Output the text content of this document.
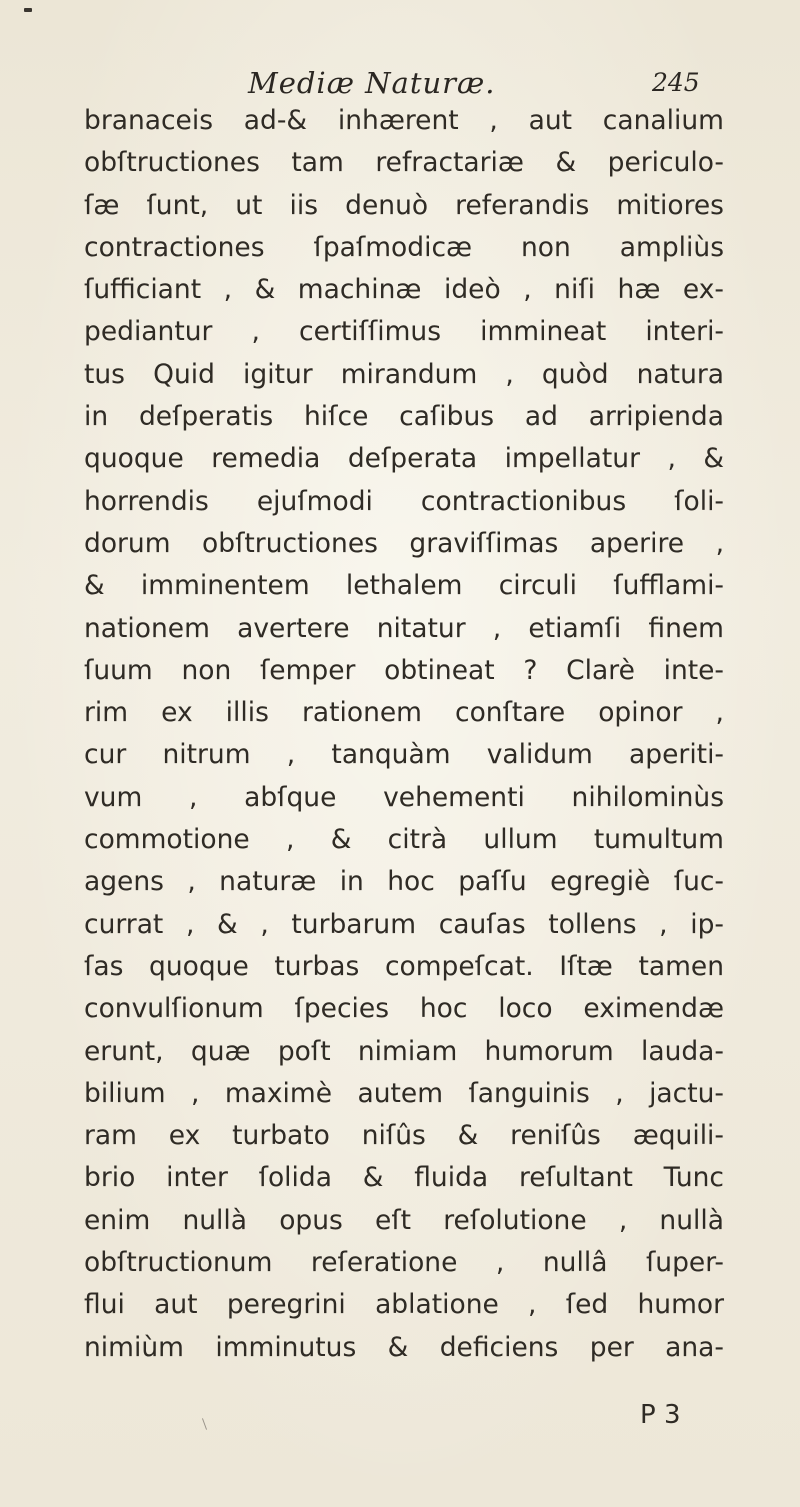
Mediæ Naturæ.	245
branaceis ad-& inhærent , aut canalium
obſtructiones tam refractariæ & periculo-
ſæ ſunt, ut iis denuò referandis mitiores
contractiones ſpaſmodicæ non ampliùs
ſufficiant , & machinæ ideò , niſi hæ ex-
pediantur , certiſſimus immineat interi-
tus Quid igitur mirandum , quòd natura
in deſperatis hiſce caſibus ad arripienda
quoque remedia deſperata impellatur , &
horrendis ejuſmodi contractionibus ſoli-
dorum obſtructiones graviſſimas aperire ,
& imminentem lethalem circuli ſufflami-
nationem avertere nitatur , etiamſi finem
ſuum non ſemper obtineat ? Clarè inte-
rim ex illis rationem conſtare opinor ,
cur nitrum , tanquàm validum aperiti-
vum , abſque vehementi nihilominùs
commotione , & citrà ullum tumultum
agens , naturæ in hoc paſſu egregiè ſuc-
currat , & , turbarum cauſas tollens , ip-
ſas quoque turbas compeſcat. Iſtæ tamen
convulſionum ſpecies hoc loco eximendæ
erunt, quæ poſt nimiam humorum lauda-
bilium , maximè autem ſanguinis , jactu-
ram ex turbato niſûs & reniſûs æquili-
brio inter ſolida & fluida reſultant Tunc
enim nullà opus eſt reſolutione , nullà
obſtructionum reſeratione , nullâ ſuper-
flui aut peregrini ablatione , ſed humor
nimiùm imminutus & deficiens per ana-
P 3
